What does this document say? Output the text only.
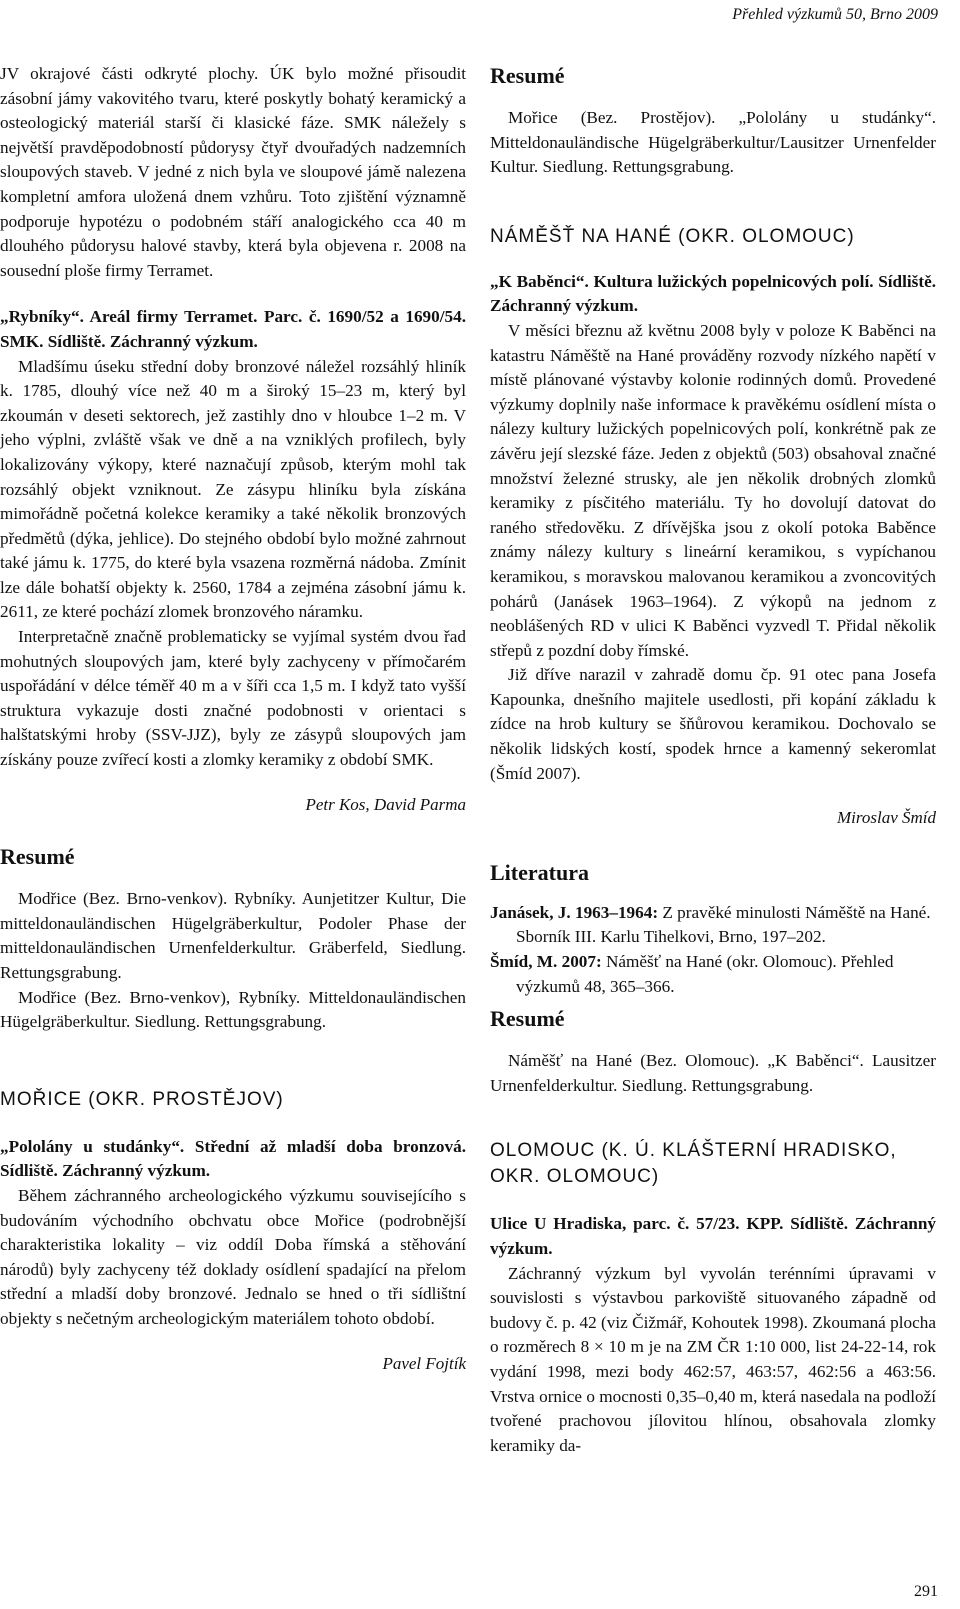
Přehled výzkumů 50, Brno 2009

JV okrajové části odkryté plochy. ÚK bylo možné přisoudit zásobní jámy vakovitého tvaru, které poskytly bohatý keramický a osteologický materiál starší či klasické fáze. SMK náležely s největší pravděpodobností půdorysy čtyř dvouřadých nadzemních sloupových staveb. V jedné z nich byla ve sloupové jámě nalezena kompletní amfora uložená dnem vzhůru. Toto zjištění významně podporuje hypotézu o podobném stáří analogického cca 40 m dlouhého půdorysu halové stavby, která byla objevena r. 2008 na sousední ploše firmy Terramet.

„Rybníky“. Areál firmy Terramet. Parc. č. 1690/52 a 1690/54. SMK. Sídliště. Záchranný výzkum.

Mladšímu úseku střední doby bronzové náležel rozsáhlý hliník k. 1785, dlouhý více než 40 m a široký 15–23 m, který byl zkoumán v deseti sektorech, jež zastihly dno v hloubce 1–2 m. V jeho výplni, zvláště však ve dně a na vzniklých profilech, byly lokalizovány výkopy, které naznačují způsob, kterým mohl tak rozsáhlý objekt vzniknout. Ze zásypu hliníku byla získána mimořádně početná kolekce keramiky a také několik bronzových předmětů (dýka, jehlice). Do stejného období bylo možné zahrnout také jámu k. 1775, do které byla vsazena rozměrná nádoba. Zmínit lze dále bohatší objekty k. 2560, 1784 a zejména zásobní jámu k. 2611, ze které pochází zlomek bronzového náramku.

Interpretačně značně problematicky se vyjímal systém dvou řad mohutných sloupových jam, které byly zachyceny v přímočarém uspořádání v délce téměř 40 m a v šíři cca 1,5 m. I když tato vyšší struktura vykazuje dosti značné podobnosti v orientaci s halštatskými hroby (SSV-JJZ), byly ze zásypů sloupových jam získány pouze zvířecí kosti a zlomky keramiky z období SMK.

Petr Kos, David Parma

Resumé

Modřice (Bez. Brno-venkov). Rybníky. Aunjetitzer Kultur, Die mitteldonauländischen Hügelgräberkultur, Podoler Phase der mitteldonauländischen Urnenfelderkultur. Gräberfeld, Siedlung. Rettungsgrabung.

Modřice (Bez. Brno-venkov), Rybníky. Mitteldonauländischen Hügelgräberkultur. Siedlung. Rettungsgrabung.

MOŘICE (OKR. PROSTĚJOV)

„Pololány u studánky“. Střední až mladší doba bronzová. Sídliště. Záchranný výzkum.

Během záchranného archeologického výzkumu souvisejícího s budováním východního obchvatu obce Mořice (podrobnější charakteristika lokality – viz oddíl Doba římská a stěhování národů) byly zachyceny též doklady osídlení spadající na přelom střední a mladší doby bronzové. Jednalo se hned o tři sídlištní objekty s nečetným archeologickým materiálem tohoto období.

Pavel Fojtík

Resumé

Mořice (Bez. Prostějov). „Pololány u studánky“. Mitteldonauländische Hügelgräberkultur/Lausitzer Urnenfelder Kultur. Siedlung. Rettungsgrabung.

NÁMĚŠŤ NA HANÉ (OKR. OLOMOUC)

„K Baběnci“. Kultura lužických popelnicových polí. Sídliště. Záchranný výzkum.

V měsíci březnu až květnu 2008 byly v poloze K Baběnci na katastru Náměště na Hané prováděny rozvody nízkého napětí v místě plánované výstavby kolonie rodinných domů. Provedené výzkumy doplnily naše informace k pravěkému osídlení místa o nálezy kultury lužických popelnicových polí, konkrétně pak ze závěru její slezské fáze. Jeden z objektů (503) obsahoval značné množství železné strusky, ale jen několik drobných zlomků keramiky z písčitého materiálu. Ty ho dovolují datovat do raného středověku. Z dřívějška jsou z okolí potoka Baběnce známy nálezy kultury s lineární keramikou, s vypíchanou keramikou, s moravskou malovanou keramikou a zvoncovitých pohárů (Janásek 1963–1964). Z výkopů na jednom z neoblášených RD v ulici K Baběnci vyzvedl T. Přidal několik střepů z pozdní doby římské.

Již dříve narazil v zahradě domu čp. 91 otec pana Josefa Kapounka, dnešního majitele usedlosti, při kopání základu k zídce na hrob kultury se šňůrovou keramikou. Dochovalo se několik lidských kostí, spodek hrnce a kamenný sekeromlat (Šmíd 2007).

Miroslav Šmíd

Literatura

Janásek, J. 1963–1964: Z pravěké minulosti Náměště na Hané. Sborník III. Karlu Tihelkovi, Brno, 197–202.

Šmíd, M. 2007: Náměšť na Hané (okr. Olomouc). Přehled výzkumů 48, 365–366.

Resumé

Náměšť na Hané (Bez. Olomouc). „K Baběnci“. Lausitzer Urnenfelderkultur. Siedlung. Rettungsgrabung.

OLOMOUC (K. Ú. KLÁŠTERNÍ HRADISKO, OKR. OLOMOUC)

Ulice U Hradiska, parc. č. 57/23. KPP. Sídliště. Záchranný výzkum.

Záchranný výzkum byl vyvolán terénními úpravami v souvislosti s výstavbou parkoviště situovaného západně od budovy č. p. 42 (viz Čižmář, Kohoutek 1998). Zkoumaná plocha o rozměrech 8 × 10 m je na ZM ČR 1:10 000, list 24-22-14, rok vydání 1998, mezi body 462:57, 463:57, 462:56 a 463:56. Vrstva ornice o mocnosti 0,35–0,40 m, která nasedala na podloží tvořené prachovou jílovitou hlínou, obsahovala zlomky keramiky da-

291
